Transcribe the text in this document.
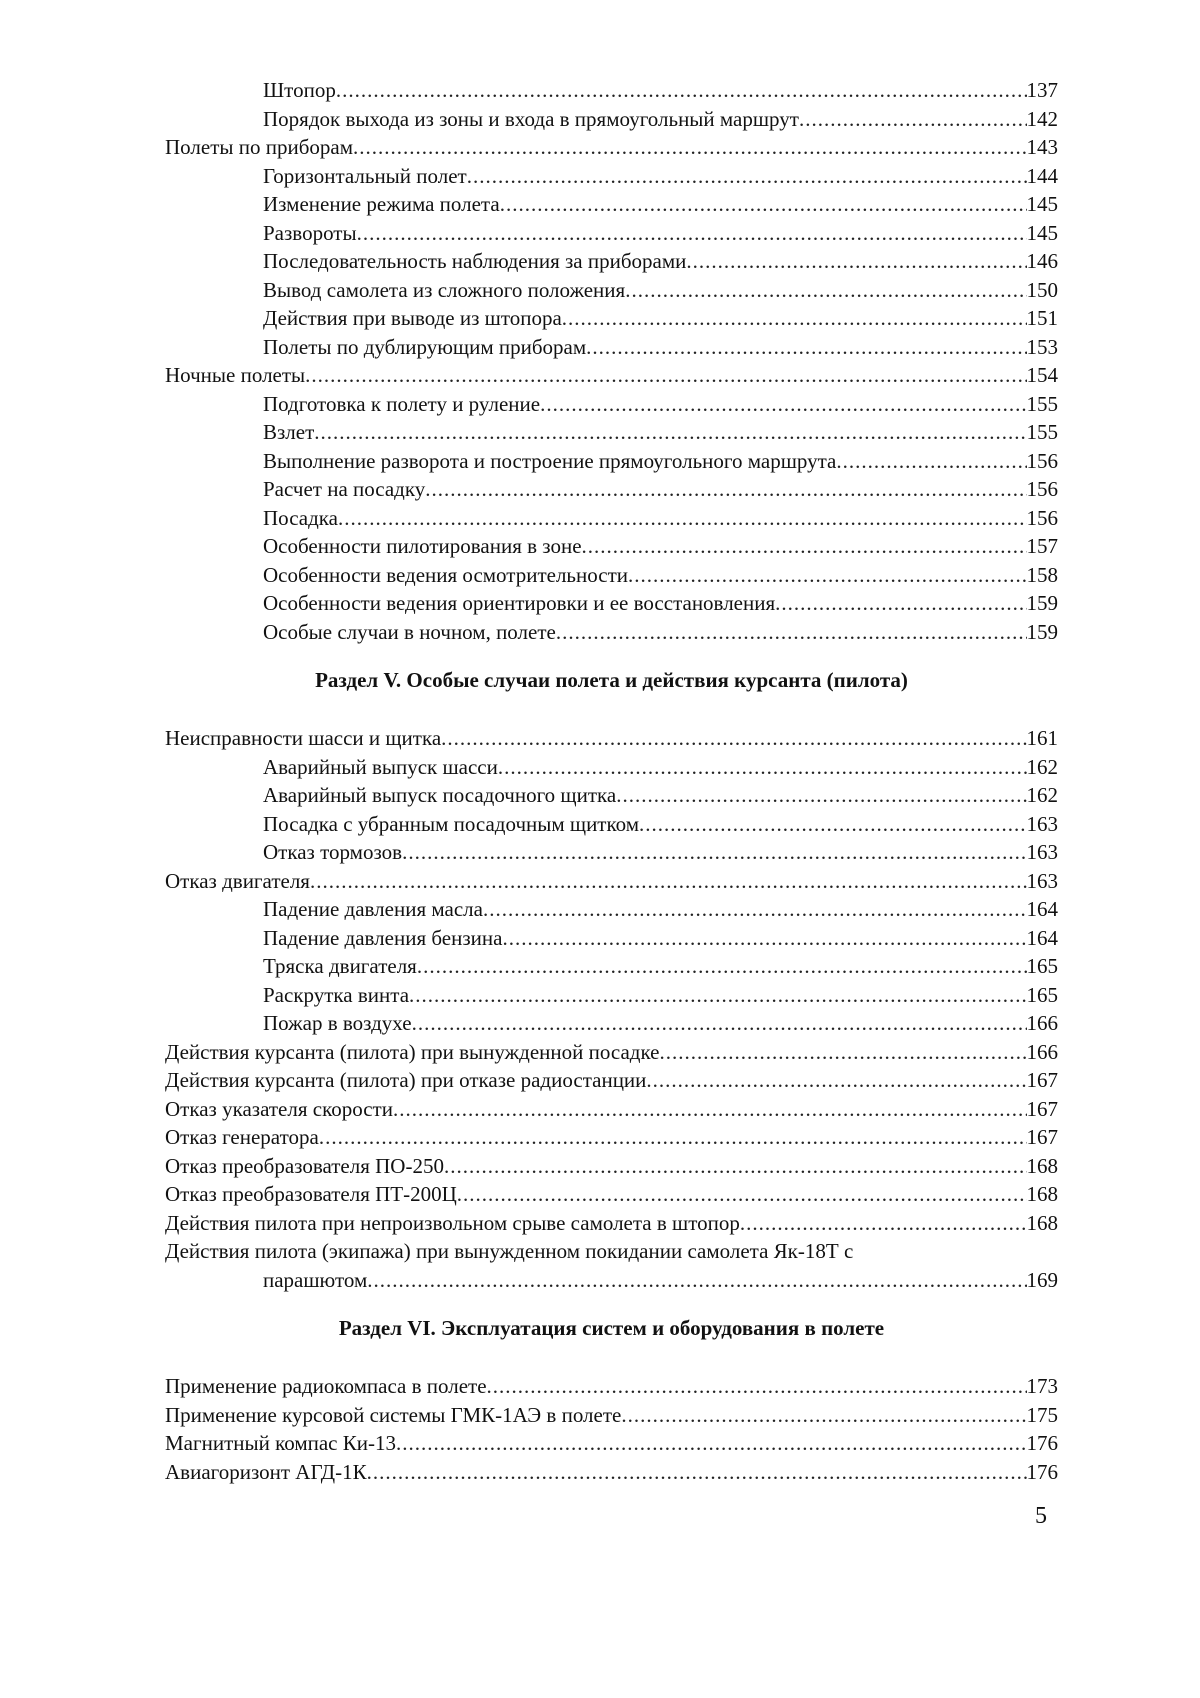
Штопор .....	137
Порядок выхода из зоны и входа в прямоугольный маршрут .....	142
Полеты по приборам .....	143
Горизонтальный полет .....	144
Изменение режима полета .....	145
Развороты .....	145
Последовательность наблюдения за приборами .....	146
Вывод самолета из сложного положения .....	150
Действия при выводе из штопора .....	151
Полеты по дублирующим приборам .....	153
Ночные полеты .....	154
Подготовка к полету и руление .....	155
Взлет .....	155
Выполнение разворота и построение прямоугольного маршрута .....	156
Расчет на посадку .....	156
Посадка .....	156
Особенности пилотирования в зоне .....	157
Особенности ведения осмотрительности .....	158
Особенности ведения ориентировки и ее восстановления .....	159
Особые случаи в ночном, полете .....	159
Раздел V. Особые случаи полета и действия курсанта (пилота)
Неисправности шасси и щитка .....	161
Аварийный выпуск шасси .....	162
Аварийный выпуск посадочного щитка .....	162
Посадка с убранным посадочным щитком .....	163
Отказ тормозов .....	163
Отказ двигателя .....	163
Падение давления масла .....	164
Падение давления бензина .....	164
Тряска двигателя .....	165
Раскрутка винта .....	165
Пожар в воздухе .....	166
Действия курсанта (пилота) при вынужденной посадке .....	166
Действия курсанта (пилота) при отказе радиостанции .....	167
Отказ указателя скорости .....	167
Отказ генератора .....	167
Отказ преобразователя ПО-250 .....	168
Отказ преобразователя ПТ-200Ц .....	168
Действия пилота при непроизвольном срыве самолета в штопор .....	168
Действия пилота (экипажа) при вынужденном покидании самолета Як-18Т с
парашютом .....	169
Раздел VI. Эксплуатация систем и оборудования в полете
Применение радиокомпаса в полете .....	173
Применение курсовой системы ГМК-1АЭ в полете .....	175
Магнитный компас Ки-13 .....	176
Авиагоризонт АГД-1К .....	176
5
